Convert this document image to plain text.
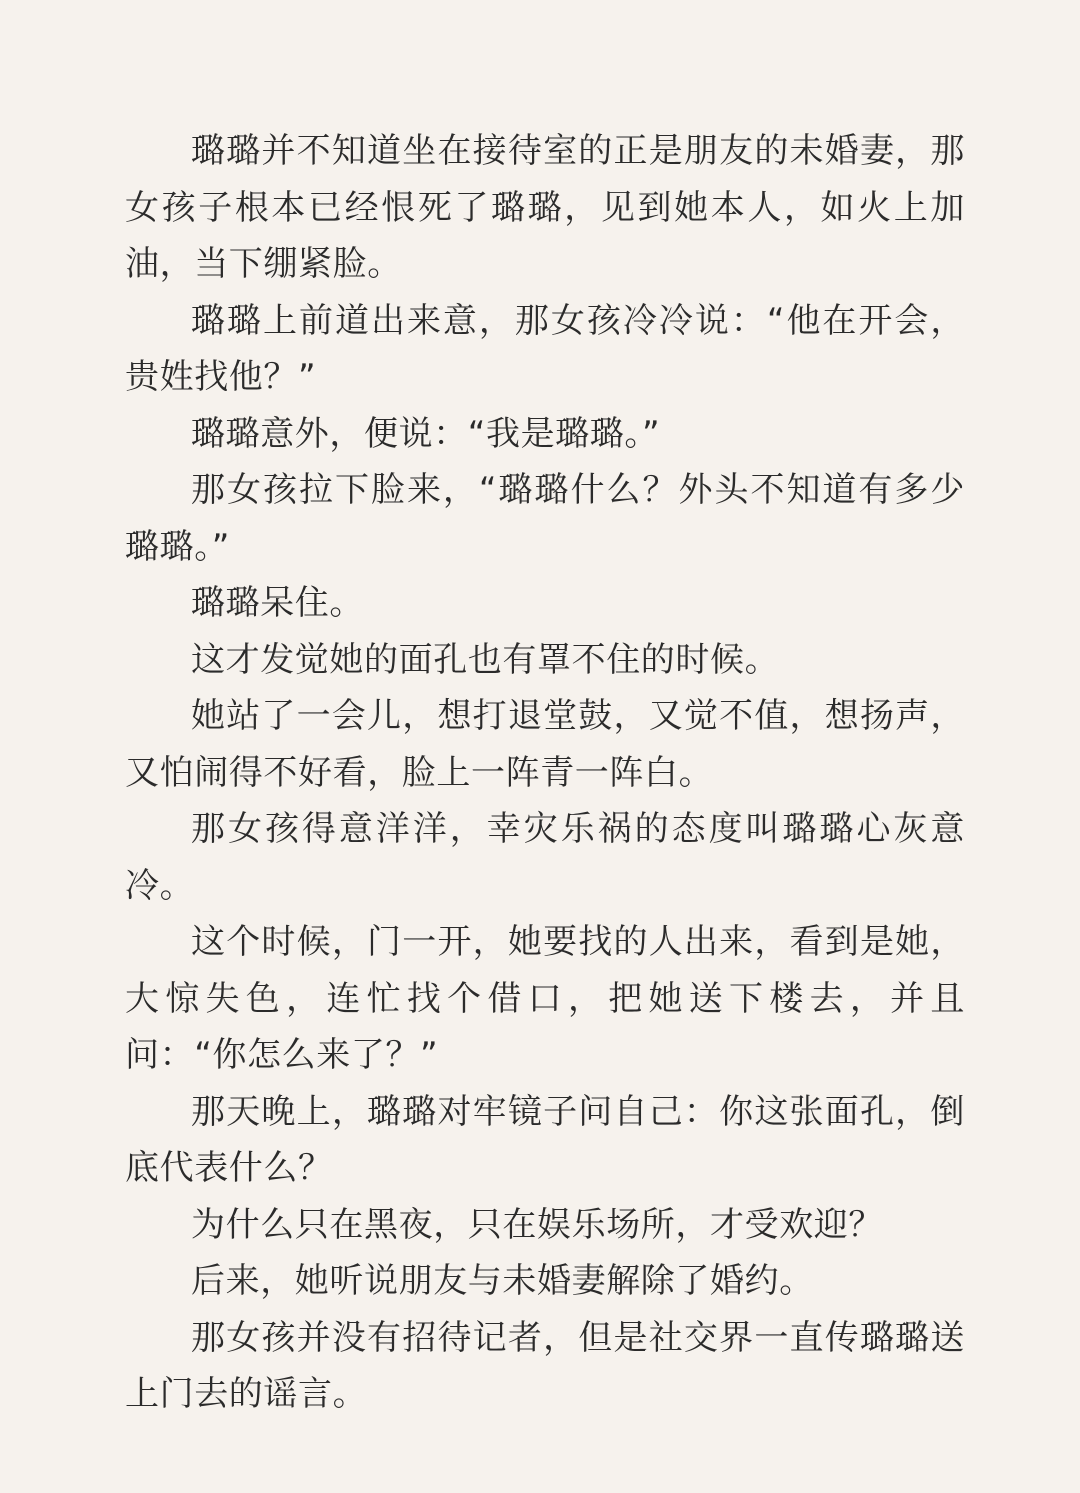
璐璐并不知道坐在接待室的正是朋友的未婚妻，那女孩子根本已经恨死了璐璐，见到她本人，如火上加油，当下绷紧脸。

璐璐上前道出来意，那女孩冷冷说：“他在开会，贵姓找他？”

璐璐意外，便说：“我是璐璐。”

那女孩拉下脸来，“璐璐什么？外头不知道有多少璐璐。”

璐璐呆住。

这才发觉她的面孔也有罩不住的时候。

她站了一会儿，想打退堂鼓，又觉不值，想扬声，又怕闹得不好看，脸上一阵青一阵白。

那女孩得意洋洋，幸灾乐祸的态度叫璐璐心灰意冷。

这个时候，门一开，她要找的人出来，看到是她，大惊失色，连忙找个借口，把她送下楼去，并且问：“你怎么来了？”

那天晚上，璐璐对牢镜子问自己：你这张面孔，倒底代表什么？

为什么只在黑夜，只在娱乐场所，才受欢迎？

后来，她听说朋友与未婚妻解除了婚约。

那女孩并没有招待记者，但是社交界一直传璐璐送上门去的谣言。
